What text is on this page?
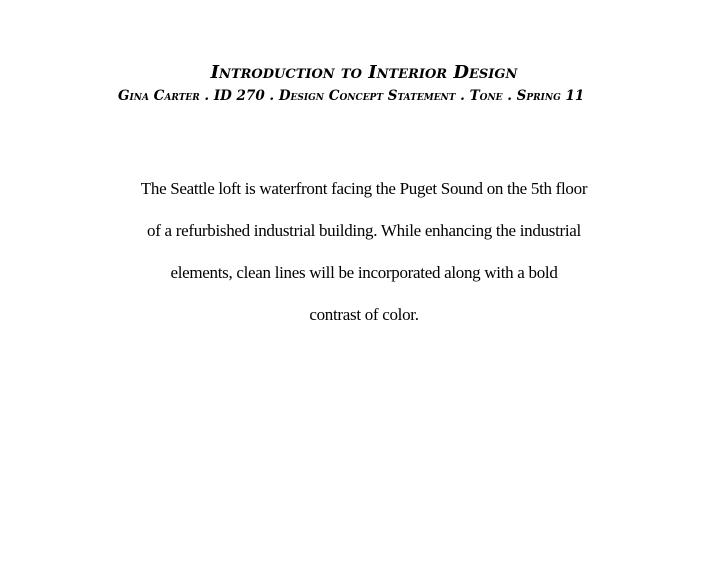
Introduction to Interior Design
Gina Carter . ID 270 . Design Concept Statement . Tone . Spring 11

The Seattle loft is waterfront facing the Puget Sound on the 5th floor
of a refurbished industrial building. While enhancing the industrial
elements, clean lines will be incorporated along with a bold
contrast of color.
